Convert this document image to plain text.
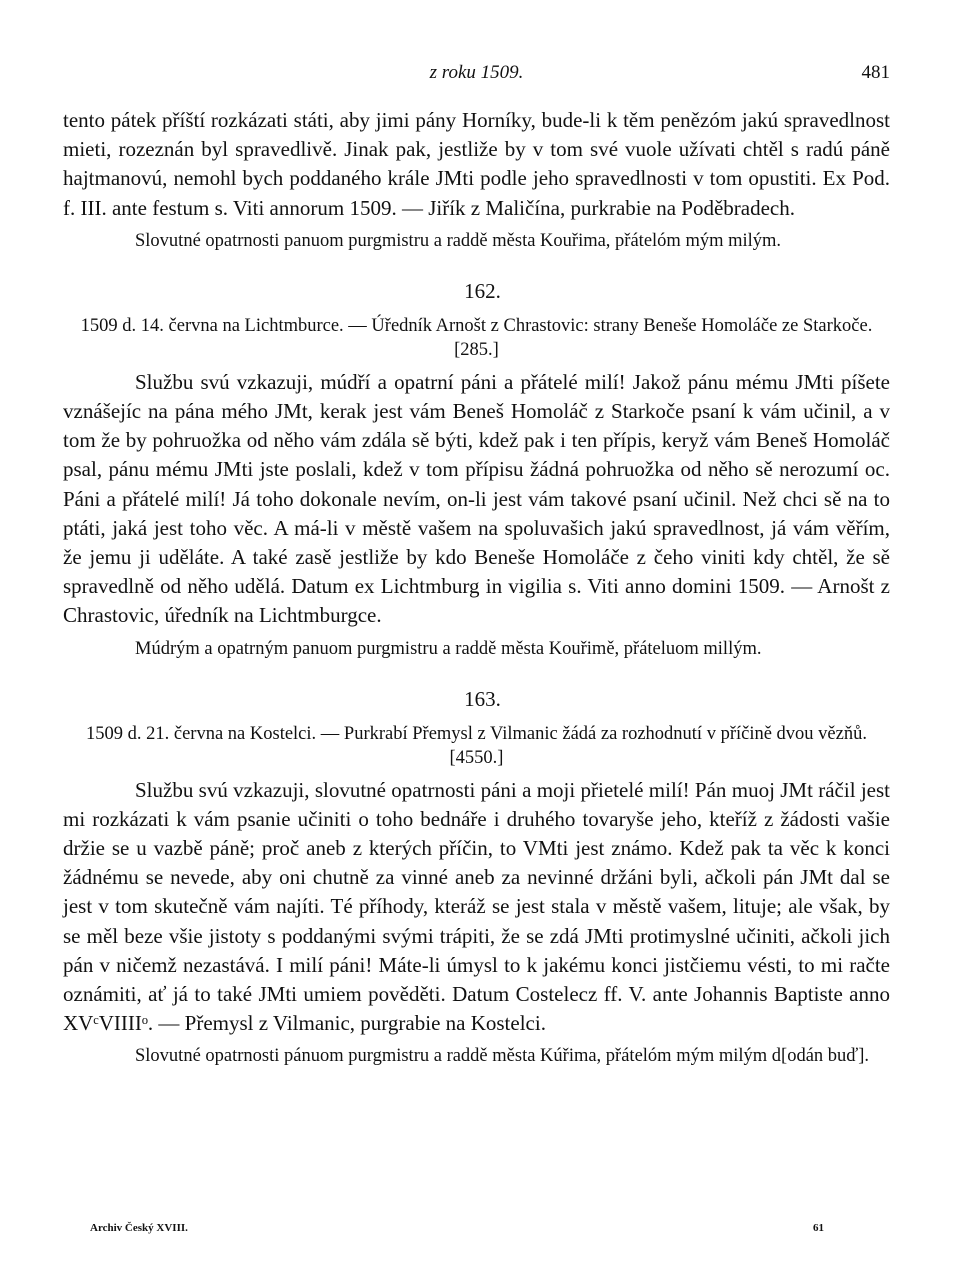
z roku 1509.	481

tento pátek příští rozkázati státi, aby jimi pány Horníky, bude-li k těm penězóm jakú spravedlnost mieti, rozeznán byl spravedlivě. Jinak pak, jestliže by v tom své vuole užívati chtěl s radú páně hajtmanovú, nemohl bych poddaného krále JMti podle jeho spravedlnosti v tom opustiti. Ex Pod. f. III. ante festum s. Viti annorum 1509. — Jiřík z Maličína, purkrabie na Poděbradech.

Slovutné opatrnosti panuom purgmistru a raddě města Kouřima, přátelóm mým milým.

162.

1509 d. 14. června na Lichtmburce. — Úředník Arnošt z Chrastovic: strany Beneše Homoláče ze Starkoče. [285.]

Službu svú vzkazuji, múdří a opatrní páni a přátelé milí! Jakož pánu mému JMti píšete vznášejíc na pána mého JMt, kerak jest vám Beneš Homoláč z Starkoče psaní k vám učinil, a v tom že by pohruožka od něho vám zdála sě býti, kdež pak i ten přípis, keryž vám Beneš Homoláč psal, pánu mému JMti jste poslali, kdež v tom přípisu žádná pohruožka od něho sě nerozumí oc. Páni a přátelé milí! Já toho dokonale nevím, on-li jest vám takové psaní učinil. Než chci sě na to ptáti, jaká jest toho věc. A má-li v městě vašem na spoluvašich jakú spravedlnost, já vám věřím, že jemu ji uděláte. A také zasě jestliže by kdo Beneše Homoláče z čeho viniti kdy chtěl, že sě spravedlně od něho udělá. Datum ex Lichtmburg in vigilia s. Viti anno domini 1509. — Arnošt z Chrastovic, úředník na Lichtmburgce.

Múdrým a opatrným panuom purgmistru a raddě města Kouřimě, přáteluom millým.

163.

1509 d. 21. června na Kostelci. — Purkrabí Přemysl z Vilmanic žádá za rozhodnutí v příčině dvou vězňů. [4550.]

Službu svú vzkazuji, slovutné opatrnosti páni a moji přietelé milí! Pán muoj JMt ráčil jest mi rozkázati k vám psanie učiniti o toho bednáře i druhého tovaryše jeho, kteříž z žádosti vašie držie se u vazbě páně; proč aneb z kterých příčin, to VMti jest známo. Kdež pak ta věc k konci žádnému se nevede, aby oni chutně za vinné aneb za nevinné držáni byli, ačkoli pán JMt dal se jest v tom skutečně vám najíti. Té příhody, kteráž se jest stala v městě vašem, lituje; ale však, by se měl beze všie jistoty s poddanými svými trápiti, že se zdá JMti protimyslné učiniti, ačkoli jich pán v ničemž nezastává. I milí páni! Máte-li úmysl to k jakému konci jistčiemu vésti, to mi račte oznámiti, ať já to také JMti umiem pověděti. Datum Costelecz ff. V. ante Johannis Baptiste anno XVᶜVIIIIᵒ. — Přemysl z Vilmanic, purgrabie na Kostelci.

Slovutné opatrnosti pánuom purgmistru a raddě města Kúřima, přátelóm mým milým d[odán buď].

Archiv Český XVIII.	61
